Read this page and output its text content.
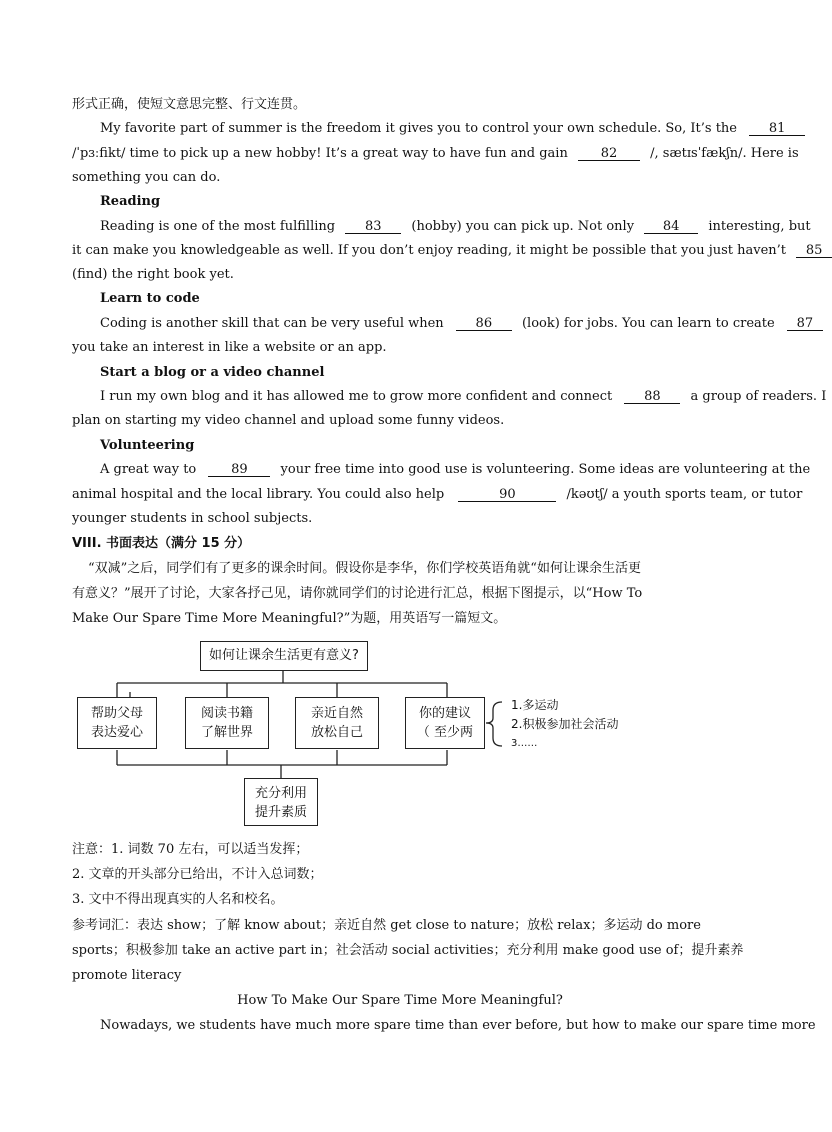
形式正确，使短文意思完整、行文连贯。
My favorite part of summer is the freedom it gives you to control your own schedule. So, It’s the 81
/ˈpɜːfikt/ time to pick up a new hobby! It’s a great way to have fun and gain	82	/, sætɪsˈfækʃn/. Here is
something you can do.
Reading
Reading is one of the most fulfilling 83 (hobby) you can pick up. Not only 84 interesting, but
it can make you knowledgeable as well. If you don’t enjoy reading, it might be possible that you just haven’t 85
(find) the right book yet.
Learn to code
Coding is another skill that can be very useful when 86 (look) for jobs. You can learn to create 87
you take an interest in like a website or an app.
Start a blog or a video channel
I run my own blog and it has allowed me to grow more confident and connect 88 a group of readers. I
plan on starting my video channel and upload some funny videos.
Volunteering
A great way to	89	your free time into good use is volunteering. Some ideas are volunteering at the
animal hospital and the local library. You could also help	90	/kəʊtʃ/ a youth sports team, or tutor
younger students in school subjects.
VIII. 书面表达（满分 15 分）
“双减”之后，同学们有了更多的课余时间。假设你是李华，你们学校英语角就“如何让课余生活更
有意义？”展开了讨论，大家各抒己见，请你就同学们的讨论进行汇总，根据下图提示，以“How To
Make Our Spare Time More Meaningful?”为题，用英语写一篇短文。
如何让课余生活更有意义?
帮助父母
表达爱心
阅读书籍
了解世界
亲近自然
放松自己
你的建议
（ 至少两
1.多运动
2.积极参加社会活动
3……
充分利用
提升素质
注意：1. 词数 70 左右，可以适当发挥；
2. 文章的开头部分已给出，不计入总词数；
3. 文中不得出现真实的人名和校名。
参考词汇：表达 show；了解 know about；亲近自然 get close to nature；放松 relax；多运动 do more
sports；积极参加 take an active part in；社会活动 social activities；充分利用 make good use of；提升素养
promote literacy
How To Make Our Spare Time More Meaningful?
Nowadays, we students have much more spare time than ever before, but how to make our spare time more
